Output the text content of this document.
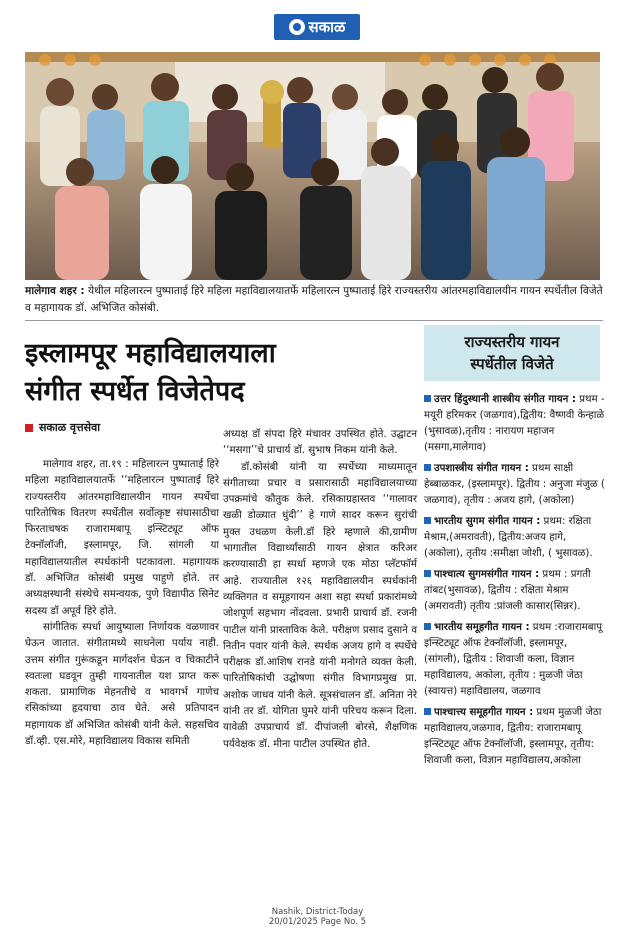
सकाळ
मालेगाव शहर : येथील महिलारत्न पुष्पाताई हिरे महिला महाविद्यालयातर्फे महिलारत्न पुष्पाताई हिरे राज्यस्तरीय आंतरमहाविद्यालयीन गायन स्पर्धेतील विजेते व महागायक डॉ. अभिजित कोसंबी.
इस्लामपूर महाविद्यालयाला
संगीत स्पर्धेत विजेतेपद
सकाळ वृत्तसेवा

मालेगाव शहर, ता.१९ : महिलारत्न पुष्पाताई हिरे महिला महाविद्यालयातर्फे ‘‘महिलारत्न पुष्पाताई हिरे राज्यस्तरीय आंतरमहाविद्यालयीन गायन स्पर्धेचा पारितोषिक वितरण स्पर्धेतील सर्वोत्कृष्ट संघासाठीचा फिरताचषक राजारामबापू इन्स्टिट्यूट ऑफ टेक्नॉलॉजी, इस्लामपूर, जि. सांगली या महाविद्यालयातील स्पर्धकांनी पटकावला. महागायक डॉ. अभिजित कोसंबी प्रमुख पाहुणे होते. तर अध्यक्षस्थानी संस्थेचे समन्वयक, पुणे विद्यापीठ सिनेट सदस्य डॉ अपूर्व हिरे होते.

सांगीतिक स्पर्धा आयुष्याला निर्णायक वळणावर घेऊन जातात. संगीतामध्ये साधनेला पर्याय नाही. उत्तम संगीत गुरूंकडून मार्गदर्शन घेऊन व चिकाटीने स्वतःला घडवून तुम्ही गायनातील यश प्राप्त करू शकता. प्रामाणिक मेहनतीचे व भावगर्भ गाणेच रसिकांच्या हृदयाचा ठाव घेते. असे प्रतिपादन महागायक डॉ अभिजित कोसंबी यांनी केले. सहसचिव डॉ.व्ही. एस.मोरे, महाविद्यालय विकास समिती

अध्यक्ष डॉ संपदा हिरे मंचावर उपस्थित होते. उद्घाटन ‘‘मसगा’’चे प्राचार्य डॉ. सुभाष निकम यांनी केले.

डॉ.कोसंबी यांनी या स्पर्धेच्या माध्यमातून संगीताच्या प्रचार व प्रसारासाठी महाविद्यालयाच्या उपक्रमांचे कौतुक केले. रसिकाग्रहास्तव ‘‘गालावर खळी डोळ्यात धुंदी’’ हे गाणे सादर करून सुरांची मुक्त उधळण केली.डॉ हिरे म्हणाले की,ग्रामीण भागातील विद्यार्थ्यांसाठी गायन क्षेत्रात करिअर करण्यासाठी हा स्पर्धा म्हणजे एक मोठा प्लॅटफॉर्म आहे. राज्यातील १२६ महाविद्यालयीन स्पर्धकांनी व्यक्तिगत व समूहगायन अशा सहा स्पर्धा प्रकारांमध्ये जोशपूर्ण सहभाग नोंदवला. प्रभारी प्राचार्य डॉ. रजनी पाटील यांनी प्रास्ताविक केले. परीक्षण प्रसाद दुसाने व नितीन पवार यांनी केले. स्पर्धक अजय हागे व स्पर्धेचे परीक्षक डॉ.आशिष रानडे यांनी मनोगते व्यक्त केली. पारितोषिकांची उद्घोषणा संगीत विभागप्रमुख प्रा. अशोक जाधव यांनी केले. सूत्रसंचालन डॉ. अनिता नेरे यांनी तर डॉ. योगिता घुमरे यांनी परिचय करून दिला. यावेळी उपप्राचार्य डॉ. दीपांजली बोरसे, शैक्षणिक पर्यवेक्षक डॉ. मीना पाटील उपस्थित होते.

राज्यस्तरीय गायन स्पर्धेतील विजेते
उत्तर हिंदुस्थानी शास्त्रीय संगीत गायन : प्रथम - मयूरी हरिमकर (जळगाव),द्वितीय: वैष्णवी केन्हाळे (भुसावळ),तृतीय : नारायण महाजन (मसगा,मालेगाव)
उपशास्त्रीय संगीत गायन : प्रथम साक्षी हेब्बाळकर, (इस्लामपूर). द्वितीय : अनुजा मंजुळ ( जळगाव), तृतीय : अजय हागे, (अकोला)
भारतीय सुगम संगीत गायन : प्रथम: रक्षिता मेश्राम,(अमरावती), द्वितीय:अजय हागे, (अकोला), तृतीय :समीक्षा जोशी, ( भुसावळ).
पाश्चात्य सुगमसंगीत गायन : प्रथम : प्रगती तांबट(भुसावळ), द्वितीय : रक्षिता मेश्राम (अमरावती) तृतीय :प्रांजली कासार(सिन्नर).
भारतीय समूहगीत गायन : प्रथम :राजारामबापू इन्स्टिट्यूट ऑफ टेक्नॉलॉजी, इस्लामपूर, (सांगली), द्वितीय : शिवाजी कला, विज्ञान महाविद्यालय, अकोला, तृतीय : मुळजी जेठा (स्वायत्त) महाविद्यालय, जळगाव
पाश्चात्त्य समूहगीत गायन : प्रथम मुळजी जेठा महाविद्यालय,जळगाव, द्वितीय: राजारामबापू इन्स्टिट्यूट ऑफ टेक्नॉलॉजी, इस्लामपूर, तृतीय: शिवाजी कला, विज्ञान महाविद्यालय,अकोला
Nashik, District-Today
20/01/2025 Page No. 5
